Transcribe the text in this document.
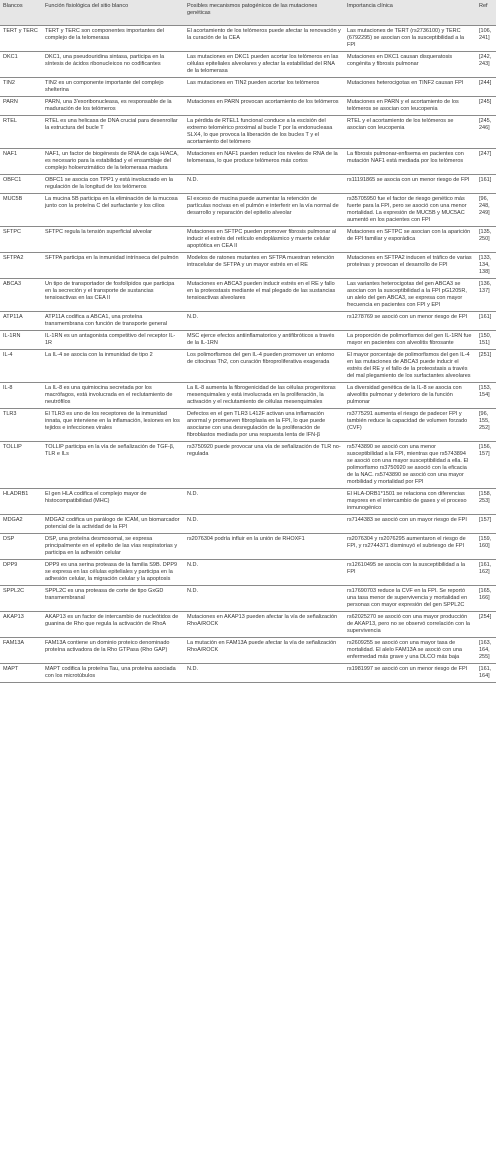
Blancos	Función fisiológica del sitio blanco	Posibles mecanismos patogénicos de las mutaciones genéticas	Importancia clínica	Ref
TERT y TERC	TERT y TERC son componentes importantes del complejo de la telomerasa	El acortamiento de los telómeros puede afectar la renovación y la curación de la CEA	Las mutaciones de TERT (rs2736100) y TERC (6792295) se asocian con la susceptibilidad a la FPI	[106, 241]
DKC1	DKC1, una pseudouridina sintasa, participa en la síntesis de ácidos ribonucleicos no codificantes	Las mutaciones en DKC1 pueden acortar los telómeros en las células epiteliales alveolares y afectar la estabilidad del RNA de la telomerasa	Mutaciones en DKC1 causan disqueratosis congénita y fibrosis pulmonar	[242, 243]
TIN2	TIN2 es un componente importante del complejo shelterina	Las mutaciones en TIN2 pueden acortar los telómeros	Mutaciones heterocigotas en TINF2 causan FPI	[244]
PARN	PARN, una 3'exoribonucleasa, es responsable de la maduración de los telómeros	Mutaciones en PARN provocan acortamiento de los telómeros	Mutaciones en PARN y el acortamiento de los telómeros se asocian con leucopenia	[245]
RTEL	RTEL es una helicasa de DNA crucial para desenrollar la estructura del bucle T	La pérdida de RTEL1 funcional conduce a la escisión del extremo telomérico proximal al bucle T por la endonucleasa SLX4, lo que provoca la liberación de los bucles T y el acortamiento del telómero	RTEL y el acortamiento de los telómeros se asocian con leucopenia	[245, 246]
NAF1	NAF1, un factor de biogénesis de RNA de caja H/ACA, es necesario para la estabilidad y el ensamblaje del complejo holoenzimático de la telomerasa madura	Mutaciones en NAF1 pueden reducir los niveles de RNA de la telomerasa, lo que produce telómeros más cortos	La fibrosis pulmonar-enfisema en pacientes con mutación NAF1 está mediada por los telómeros	[247]
OBFC1	OBFC1 se asocia con TPP1 y está involucrado en la regulación de la longitud de los telómeros	N.D.	rs11191865 se asocia con un menor riesgo de FPI	[161]
MUC5B	La mucina 5B participa en la eliminación de la mucosa junto con la proteína C del surfactante y los cilios	El exceso de mucina puede aumentar la retención de partículas nocivas en el pulmón e interferir en la vía normal de desarrollo y reparación del epitelio alveolar	rs35705950 fue el factor de riesgo genético más fuerte para la FPI, pero se asoció con una menor mortalidad. La expresión de MUC5B y MUC5AC aumentó en los pacientes con FPI	[96, 248, 249]
SFTPC	SFTPC regula la tensión superficial alveolar	Mutaciones en SFTPC pueden promover fibrosis pulmonar al inducir el estrés del retículo endoplásmico y muerte celular apoptótica en CEA II	Mutaciones en SFTPC se asocian con la aparición de FPI familiar y esporádica	[135, 250]
SFTPA2	SFTPA participa en la inmunidad intrínseca del pulmón	Modelos de ratones mutantes en SFTPA muestran retención intracelular de SFTPA y un mayor estrés en el RE	Mutaciones en SFTPA2 inducen el tráfico de varias proteínas y provocan el desarrollo de FPI	[133, 134, 138]
ABCA3	Un tipo de transportador de fosfolípidos que participa en la secreción y el transporte de sustancias tensioactivas en las CEA II	Mutaciones en ABCA3 pueden inducir estrés en el RE y fallo en la proteostasis mediante el mal plegado de las sustancias tensioactivas alveolares	Las variantes heterocigotas del gen ABCA3 se asocian con la susceptibilidad a la FPI pG1205R, un alelo del gen ABCA3, se expresa con mayor frecuencia en pacientes con FPI y EPI	[136, 137]
ATP11A	ATP11A codifica a ABCA1, una proteína transmembrana con función de transporte general	N.D.	rs1278769 se asoció con un menor riesgo de FPI	[161]
IL-1RN	IL-1RN es un antagonista competitivo del receptor IL-1R	MSC ejerce efectos antiinflamatorios y antifibróticos a través de la IL-1RN	La proporción de polimorfismos del gen IL-1RN fue mayor en pacientes con alveolitis fibrosante	[150, 151]
IL-4	La IL-4 se asocia con la inmunidad de tipo 2	Los polimorfismos del gen IL-4 pueden promover un entorno de citocinas Th2, con curación fibroproliferativa exagerada	El mayor porcentaje de polimorfismos del gen IL-4 en las mutaciones de ABCA3 puede inducir el estrés del RE y el fallo de la proteostasis a través del mal plegamiento de los surfactantes alveolares	[251]
IL-8	La IL-8 es una quimiocina secretada por los macrófagos, está involucrada en el reclutamiento de neutrófilos	La IL-8 aumenta la fibrogenicidad de las células progenitoras mesenquimales y está involucrada en la proliferación, la activación y el reclutamiento de células mesenquimales	La diversidad genética de la IL-8 se asocia con alveolitis pulmonar y deterioro de la función pulmonar	[153, 154]
TLR3	El TLR3 es uno de los receptores de la inmunidad innata, que interviene en la inflamación, lesiones en los tejidos e infecciones virales	Defectos en el gen TLR3 L412F activan una inflamación anormal y promueven fibroplasia en la FPI, lo que puede asociarse con una desregulación de la proliferación de fibroblastos mediada por una respuesta lenta de IFN-β	rs3775291 aumenta el riesgo de padecer FPI y también reduce la capacidad de volumen forzado (CVF)	[96, 155, 252]
TOLLIP	TOLLIP participa en la vía de señalización de TGF-β, TLR e ILs	rs3750920 puede provocar una vía de señalización de TLR no-regulada	rs5743890 se asoció con una menor susceptibilidad a la FPI, mientras que rs5743894 se asoció con una mayor susceptibilidad a ella. El polimorfismo rs3750920 se asoció con la eficacia de la NAC. rs5743890 se asoció con una mayor morbilidad y mortalidad por FPI	[156, 157]
HLADRB1	El gen HLA codifica el complejo mayor de histocompatibilidad (MHC)	N.D.	El HLA-DRB1*1501 se relaciona con diferencias mayores en el intercambio de gases y el proceso inmunogénico	[158, 253]
MDGA2	MDGA2 codifica un parálogo de ICAM, un biomarcador potencial de la actividad de la FPI	N.D.	rs7144383 se asoció con un mayor riesgo de FPI	[157]
DSP	DSP, una proteína desmosomal, se expresa principalmente en el epitelio de las vías respiratorias y participa en la adhesión celular	rs2076304 podría influir en la unión de RHOXF1	rs2076304 y rs2076295 aumentaron el riesgo de FPI, y rs2744371 disminuyó el subriesgo de FPI	[159, 160]
DPP9	DPP9 es una serina proteasa de la familia S9B. DPP9 se expresa en las células epiteliales y participa en la adhesión celular, la migración celular y la apoptosis	N.D.	rs12610495 se asocia con la susceptibilidad a la FPI	[161, 162]
SPPL2C	SPPL2C es una proteasa de corte de tipo GxGD transmembranal	N.D.	rs17690703 reduce la CVF en la FPI. Se reportó una tasa menor de supervivencia y mortalidad en personas con mayor expresión del gen SPPL2C	[165, 166]
AKAP13	AKAP13 es un factor de intercambio de nucleótidos de guanina de Rho que regula la activación de RhoA	Mutaciones en AKAP13 pueden afectar la vía de señalización RhoA/ROCK	rs62025270 se asoció con una mayor producción de AKAP13, pero no se observó correlación con la supervivencia	[254]
FAM13A	FAM13A contiene un dominio proteico denominado proteína activadora de la Rho GTPasa (Rho GAP)	La mutación en FAM13A puede afectar la vía de señalización RhoA/ROCK	rs2609255 se asoció con una mayor tasa de mortalidad. El alelo FAM13A se asoció con una enfermedad más grave y una DLCO más baja	[163, 164, 255]
MAPT	MAPT codifica la proteína Tau, una proteína asociada con los microtúbulos	N.D.	rs1981997 se asoció con un menor riesgo de FPI	[161, 164]
